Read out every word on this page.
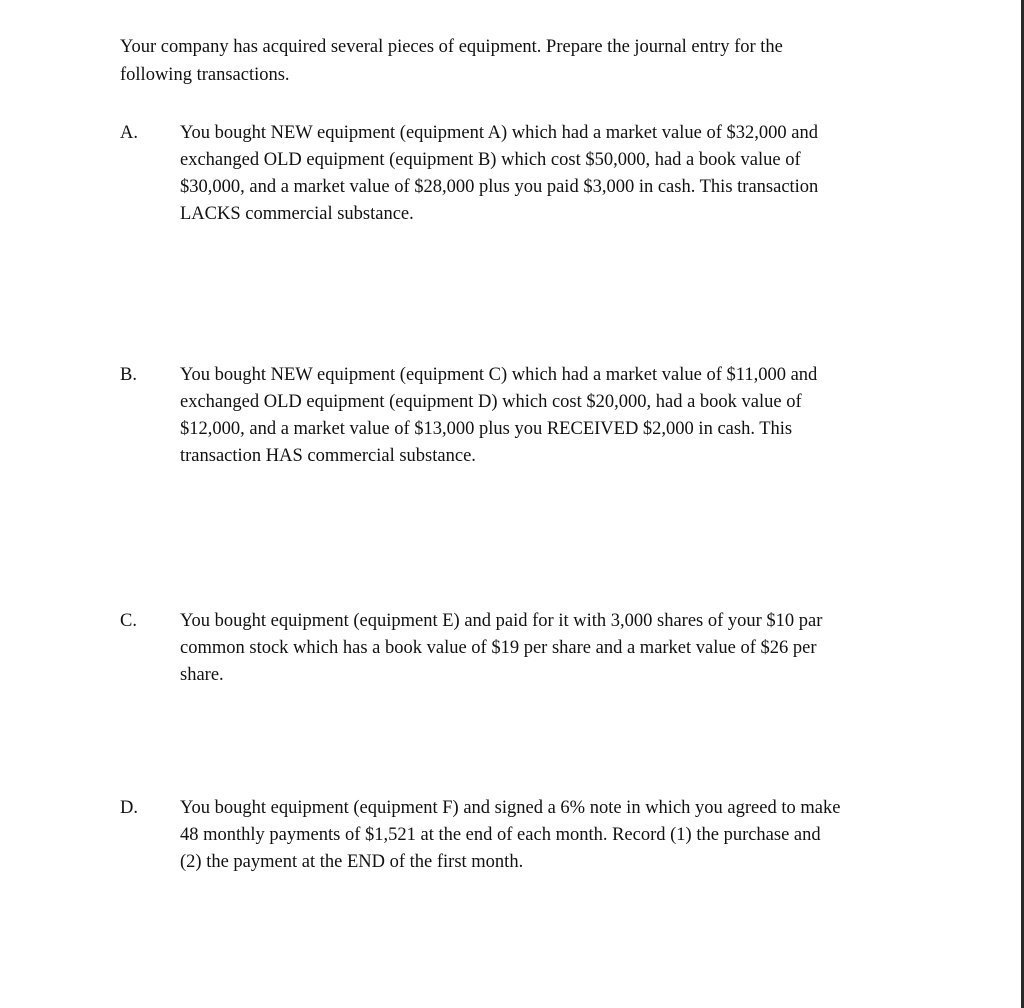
Your company has acquired several pieces of equipment. Prepare the journal entry for the
following transactions.

A. You bought NEW equipment (equipment A) which had a market value of $32,000 and
exchanged OLD equipment (equipment B) which cost $50,000, had a book value of
$30,000, and a market value of $28,000 plus you paid $3,000 in cash. This transaction
LACKS commercial substance.

B. You bought NEW equipment (equipment C) which had a market value of $11,000 and
exchanged OLD equipment (equipment D) which cost $20,000, had a book value of
$12,000, and a market value of $13,000 plus you RECEIVED $2,000 in cash. This
transaction HAS commercial substance.

C. You bought equipment (equipment E) and paid for it with 3,000 shares of your $10 par
common stock which has a book value of $19 per share and a market value of $26 per
share.

D. You bought equipment (equipment F) and signed a 6% note in which you agreed to make
48 monthly payments of $1,521 at the end of each month. Record (1) the purchase and
(2) the payment at the END of the first month.
